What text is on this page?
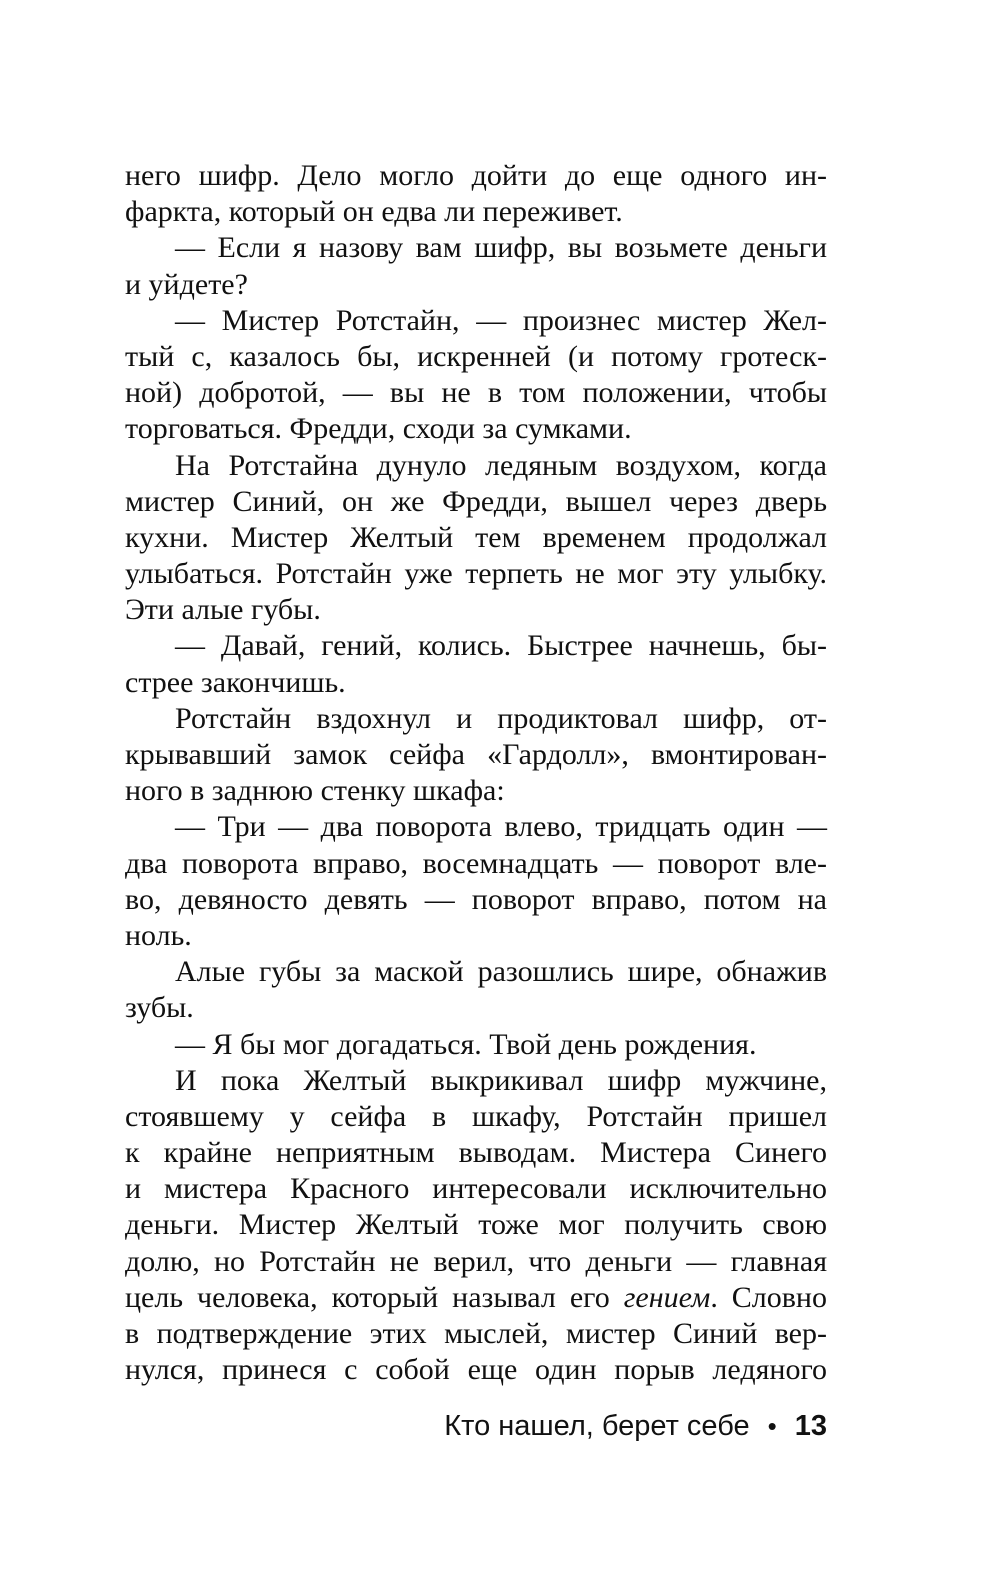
него шифр. Дело могло дойти до еще одного ин-
фаркта, который он едва ли переживет.
— Если я назову вам шифр, вы возьмете деньги
и уйдете?
— Мистер Ротстайн, — произнес мистер Жел-
тый с, казалось бы, искренней (и потому гротеск-
ной) добротой, — вы не в том положении, чтобы
торговаться. Фредди, сходи за сумками.
На Ротстайна дунуло ледяным воздухом, когда
мистер Синий, он же Фредди, вышел через дверь
кухни. Мистер Желтый тем временем продолжал
улыбаться. Ротстайн уже терпеть не мог эту улыбку.
Эти алые губы.
— Давай, гений, колись. Быстрее начнешь, бы-
стрее закончишь.
Ротстайн вздохнул и продиктовал шифр, от-
крывавший замок сейфа «Гардолл», вмонтирован-
ного в заднюю стенку шкафа:
— Три — два поворота влево, тридцать один —
два поворота вправо, восемнадцать — поворот вле-
во, девяносто девять — поворот вправо, потом на
ноль.
Алые губы за маской разошлись шире, обнажив
зубы.
— Я бы мог догадаться. Твой день рождения.
И пока Желтый выкрикивал шифр мужчине,
стоявшему у сейфа в шкафу, Ротстайн пришел
к крайне неприятным выводам. Мистера Синего
и мистера Красного интересовали исключительно
деньги. Мистер Желтый тоже мог получить свою
долю, но Ротстайн не верил, что деньги — главная
цель человека, который называл его гением. Словно
в подтверждение этих мыслей, мистер Синий вер-
нулся, принеся с собой еще один порыв ледяного
Кто нашел, берет себе • 13
